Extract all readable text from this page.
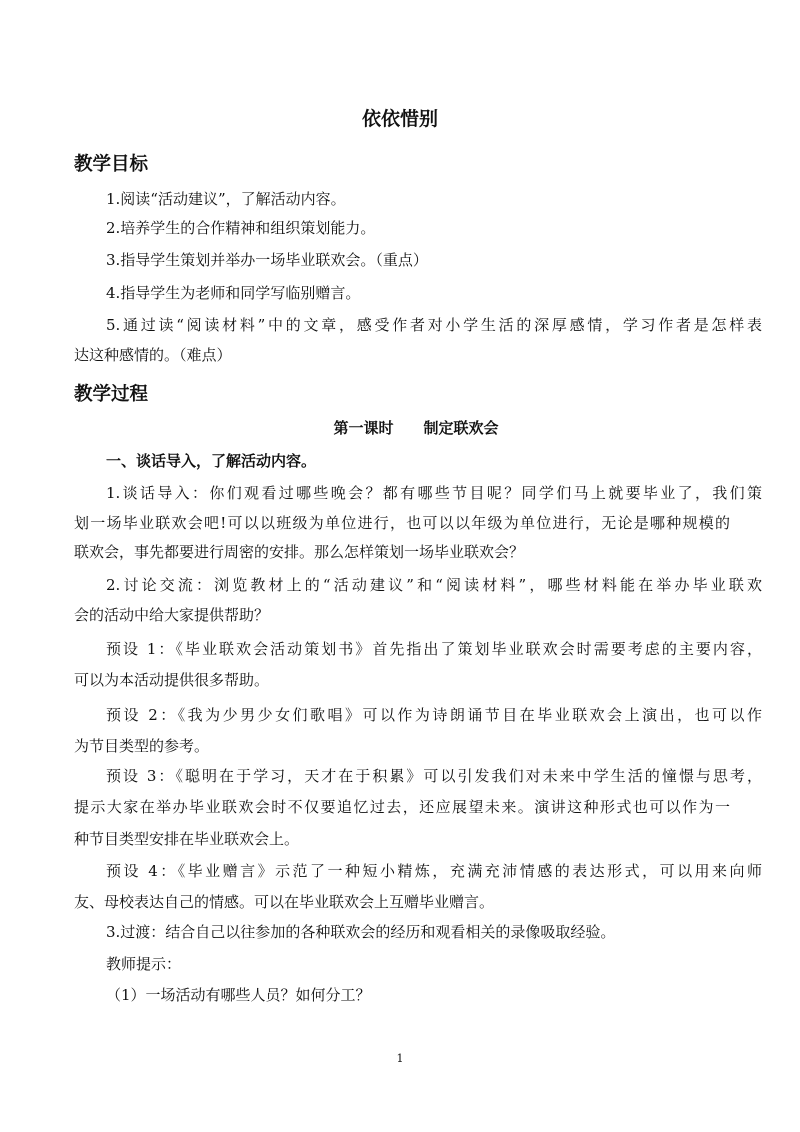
依依惜别
教学目标
1.阅读“活动建议”，了解活动内容。
2.培养学生的合作精神和组织策划能力。
3.指导学生策划并举办一场毕业联欢会。（重点）
4.指导学生为老师和同学写临别赠言。
5.通过读“阅读材料”中的文章，感受作者对小学生活的深厚感情，学习作者是怎样表
达这种感情的。（难点）
教学过程
第一课时 制定联欢会
一、谈话导入，了解活动内容。
1.谈话导入：你们观看过哪些晚会？都有哪些节目呢？同学们马上就要毕业了，我们策
划一场毕业联欢会吧!可以以班级为单位进行，也可以以年级为单位进行，无论是哪种规模的
联欢会，事先都要进行周密的安排。那么怎样策划一场毕业联欢会？
2.讨论交流：浏览教材上的“活动建议”和“阅读材料”，哪些材料能在举办毕业联欢
会的活动中给大家提供帮助？
预设 1：《毕业联欢会活动策划书》首先指出了策划毕业联欢会时需要考虑的主要内容，
可以为本活动提供很多帮助。
预设 2：《我为少男少女们歌唱》可以作为诗朗诵节目在毕业联欢会上演出，也可以作
为节目类型的参考。
预设 3：《聪明在于学习，天才在于积累》可以引发我们对未来中学生活的憧憬与思考，
提示大家在举办毕业联欢会时不仅要追忆过去，还应展望未来。演讲这种形式也可以作为一
种节目类型安排在毕业联欢会上。
预设 4：《毕业赠言》示范了一种短小精炼，充满充沛情感的表达形式，可以用来向师
友、母校表达自己的情感。可以在毕业联欢会上互赠毕业赠言。
3.过渡：结合自己以往参加的各种联欢会的经历和观看相关的录像吸取经验。
教师提示：
（1）一场活动有哪些人员？如何分工？
1
